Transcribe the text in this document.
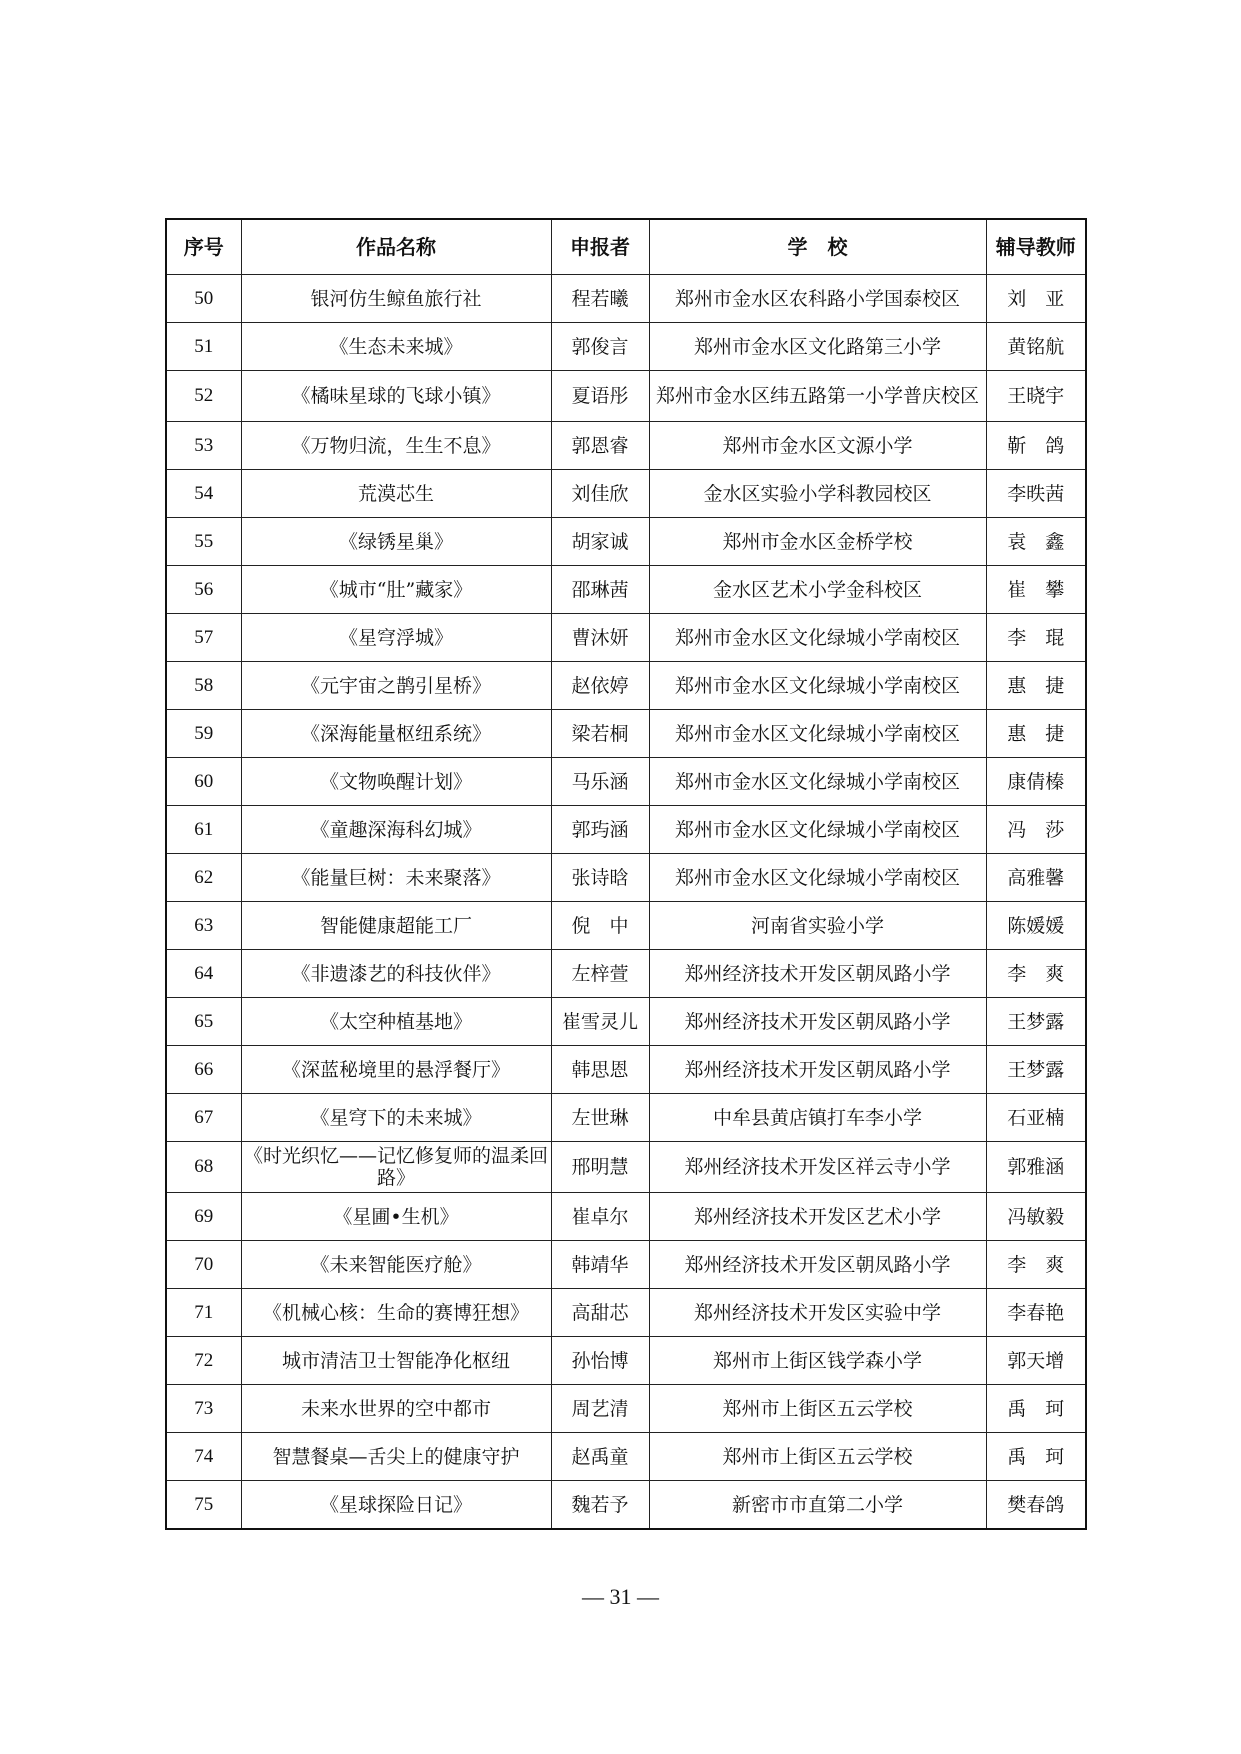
序号	作品名称	申报者	学　校	辅导教师
50	银河仿生鲸鱼旅行社	程若曦	郑州市金水区农科路小学国泰校区	刘　亚
51	《生态未来城》	郭俊言	郑州市金水区文化路第三小学	黄铭航
52	《橘味星球的飞球小镇》	夏语彤	郑州市金水区纬五路第一小学普庆校区	王晓宇
53	《万物归流，生生不息》	郭恩睿	郑州市金水区文源小学	靳　鸽
54	荒漠芯生	刘佳欣	金水区实验小学科教园校区	李昳茜
55	《绿锈星巢》	胡家诚	郑州市金水区金桥学校	袁　鑫
56	《城市“肚”藏家》	邵琳茜	金水区艺术小学金科校区	崔　攀
57	《星穹浮城》	曹沐妍	郑州市金水区文化绿城小学南校区	李　琨
58	《元宇宙之鹊引星桥》	赵依婷	郑州市金水区文化绿城小学南校区	惠　捷
59	《深海能量枢纽系统》	梁若桐	郑州市金水区文化绿城小学南校区	惠　捷
60	《文物唤醒计划》	马乐涵	郑州市金水区文化绿城小学南校区	康倩榛
61	《童趣深海科幻城》	郭玙涵	郑州市金水区文化绿城小学南校区	冯　莎
62	《能量巨树：未来聚落》	张诗晗	郑州市金水区文化绿城小学南校区	高雅馨
63	智能健康超能工厂	倪　中	河南省实验小学	陈媛媛
64	《非遗漆艺的科技伙伴》	左梓萱	郑州经济技术开发区朝凤路小学	李　爽
65	《太空种植基地》	崔雪灵儿	郑州经济技术开发区朝凤路小学	王梦露
66	《深蓝秘境里的悬浮餐厅》	韩思恩	郑州经济技术开发区朝凤路小学	王梦露
67	《星穹下的未来城》	左世琳	中牟县黄店镇打车李小学	石亚楠
68	《时光织忆——记忆修复师的温柔回路》	邢明慧	郑州经济技术开发区祥云寺小学	郭雅涵
69	《星圃•生机》	崔卓尔	郑州经济技术开发区艺术小学	冯敏毅
70	《未来智能医疗舱》	韩靖华	郑州经济技术开发区朝凤路小学	李　爽
71	《机械心核：生命的赛博狂想》	高甜芯	郑州经济技术开发区实验中学	李春艳
72	城市清洁卫士智能净化枢纽	孙怡博	郑州市上街区钱学森小学	郭天增
73	未来水世界的空中都市	周艺清	郑州市上街区五云学校	禹　珂
74	智慧餐桌—舌尖上的健康守护	赵禹童	郑州市上街区五云学校	禹　珂
75	《星球探险日记》	魏若予	新密市市直第二小学	樊春鸽
— 31 —
